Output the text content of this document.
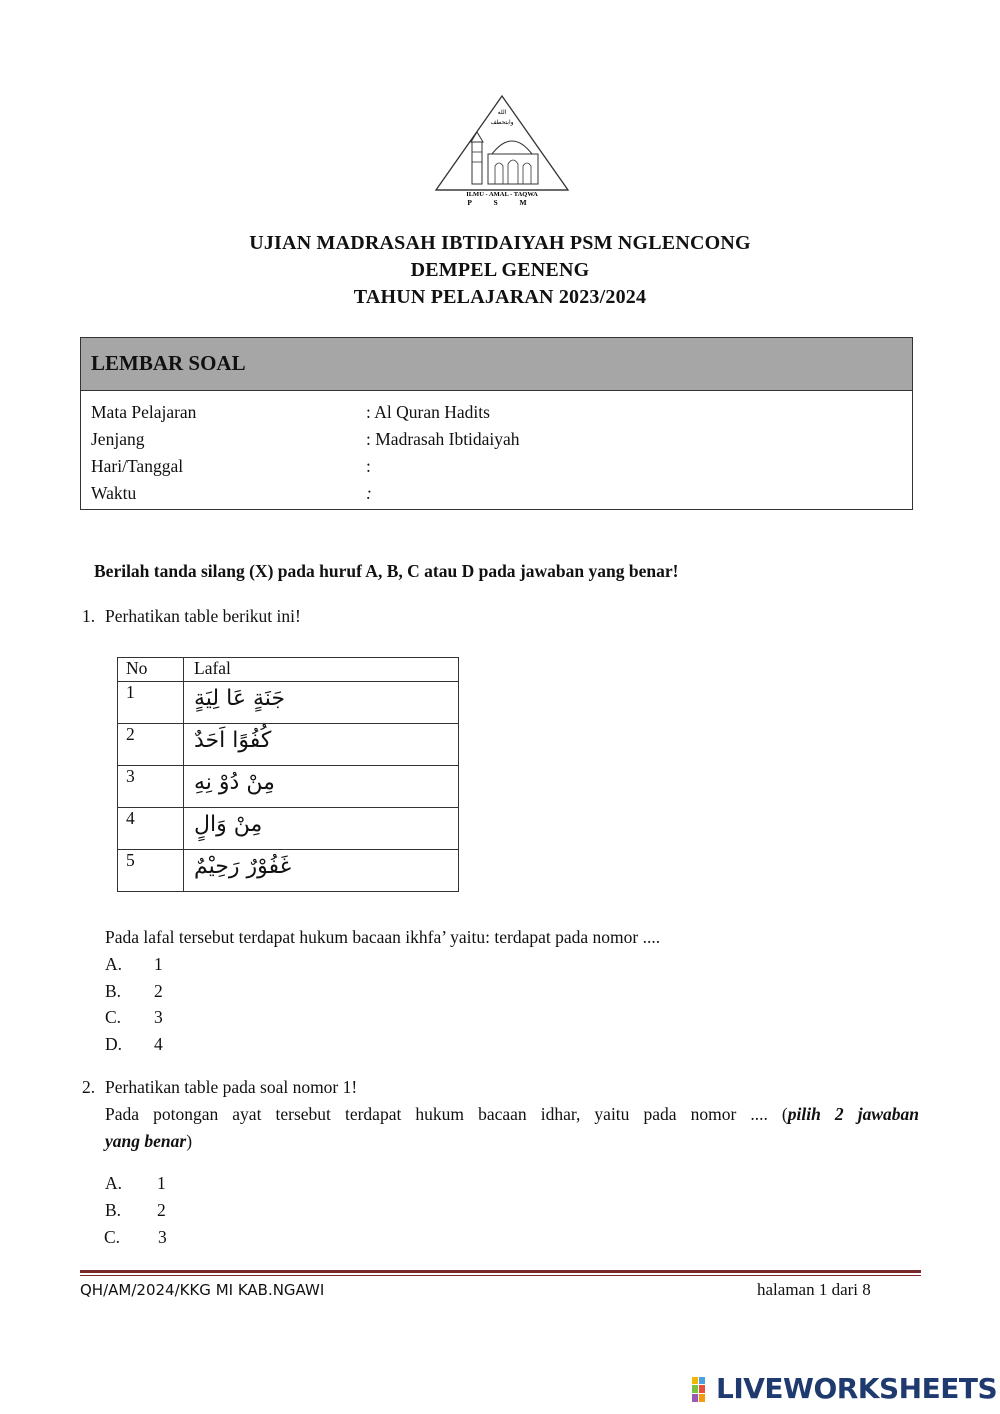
الله
وابتحطف
ILMU - AMAL - TAQWA
P S M
UJIAN MADRASAH IBTIDAIYAH PSM NGLENCONG
DEMPEL GENENG
TAHUN PELAJARAN 2023/2024
LEMBAR SOAL
Mata Pelajaran	: Al Quran Hadits
Jenjang	: Madrasah Ibtidaiyah
Hari/Tanggal	:
Waktu	:
Berilah tanda silang (X) pada huruf A, B, C atau D pada jawaban yang benar!
1. Perhatikan table berikut ini!
No	Lafal
1	جَنَةٍ عَا لِيَةٍ
2	كُفُوًا اَحَدٌ
3	مِنْ دُوْ نِهِ
4	مِنْ وَالٍ
5	غَفُوْرٌ رَحِيْمٌ
Pada lafal tersebut terdapat hukum bacaan ikhfa’ yaitu: terdapat pada nomor ....
A. 1
B. 2
C. 3
D. 4
2. Perhatikan table pada soal nomor 1!
Pada potongan ayat tersebut terdapat hukum bacaan idhar, yaitu pada nomor .... (pilih 2 jawaban
yang benar)
A. 1
B. 2
C. 3
QH/AM/2024/KKG MI KAB.NGAWI	halaman 1 dari 8
LIVEWORKSHEETS
